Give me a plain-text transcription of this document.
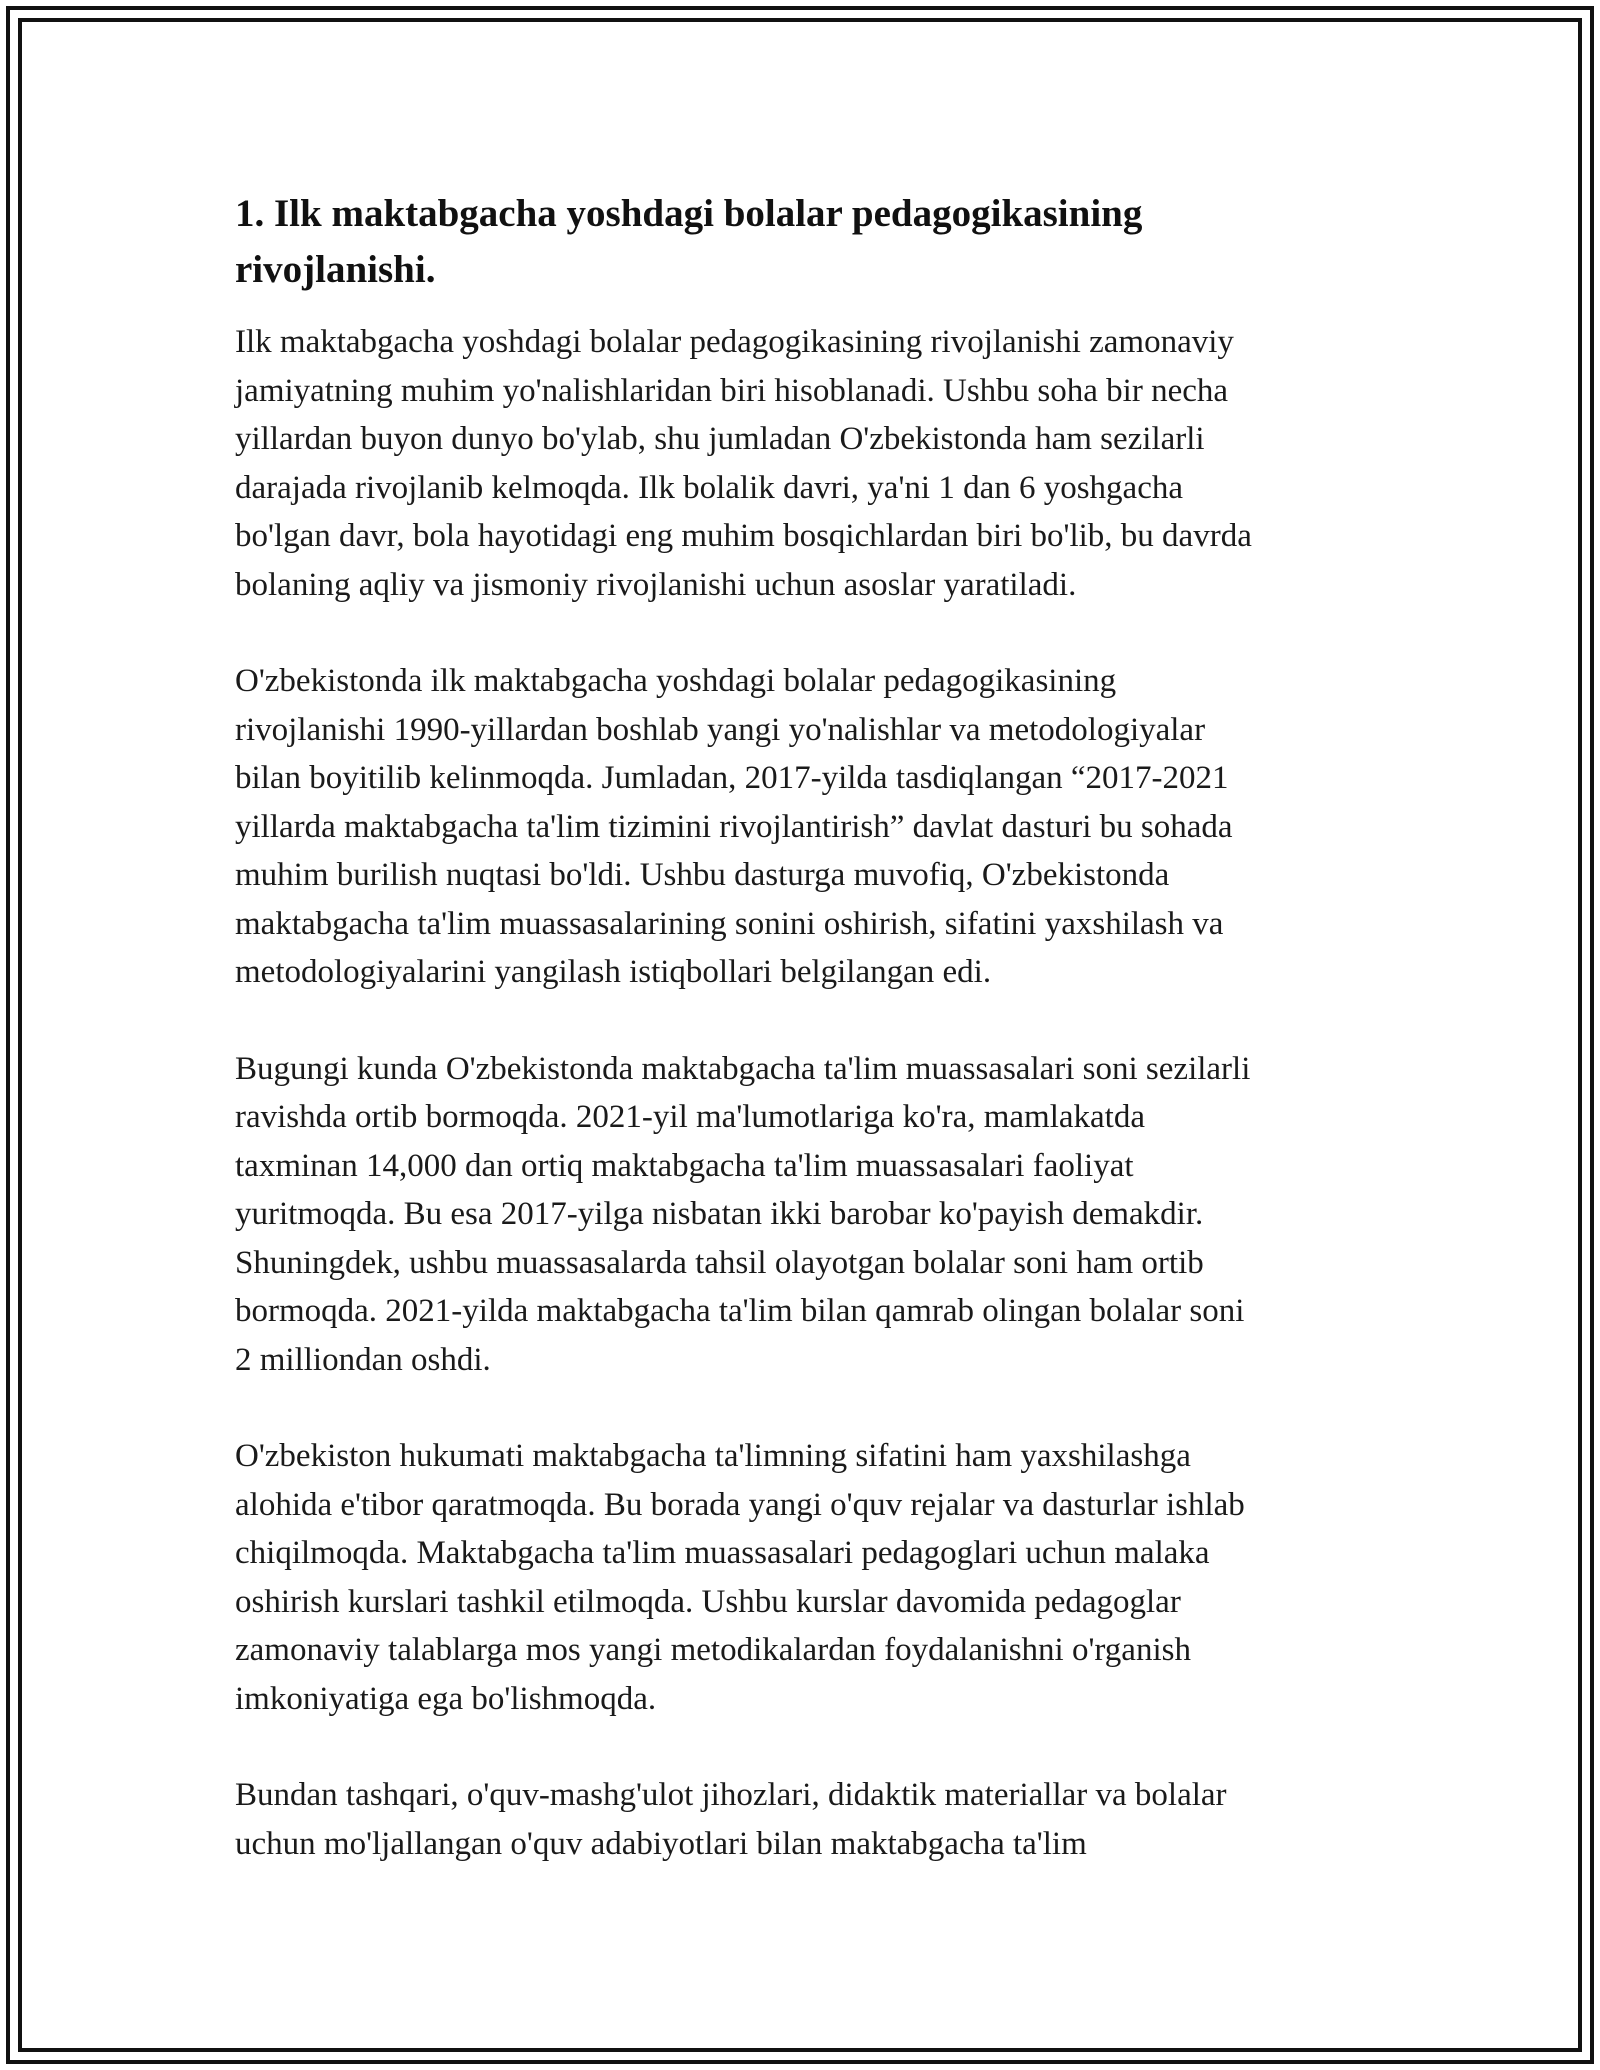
1. Ilk maktabgacha yoshdagi bolalar pedagogikasining
rivojlanishi.

Ilk maktabgacha yoshdagi bolalar pedagogikasining rivojlanishi zamonaviy
jamiyatning muhim yo'nalishlaridan biri hisoblanadi. Ushbu soha bir necha
yillardan buyon dunyo bo'ylab, shu jumladan O'zbekistonda ham sezilarli
darajada rivojlanib kelmoqda. Ilk bolalik davri, ya'ni 1 dan 6 yoshgacha
bo'lgan davr, bola hayotidagi eng muhim bosqichlardan biri bo'lib, bu davrda
bolaning aqliy va jismoniy rivojlanishi uchun asoslar yaratiladi.

O'zbekistonda ilk maktabgacha yoshdagi bolalar pedagogikasining
rivojlanishi 1990-yillardan boshlab yangi yo'nalishlar va metodologiyalar
bilan boyitilib kelinmoqda. Jumladan, 2017-yilda tasdiqlangan “2017-2021
yillarda maktabgacha ta'lim tizimini rivojlantirish” davlat dasturi bu sohada
muhim burilish nuqtasi bo'ldi. Ushbu dasturga muvofiq, O'zbekistonda
maktabgacha ta'lim muassasalarining sonini oshirish, sifatini yaxshilash va
metodologiyalarini yangilash istiqbollari belgilangan edi.

Bugungi kunda O'zbekistonda maktabgacha ta'lim muassasalari soni sezilarli
ravishda ortib bormoqda. 2021-yil ma'lumotlariga ko'ra, mamlakatda
taxminan 14,000 dan ortiq maktabgacha ta'lim muassasalari faoliyat
yuritmoqda. Bu esa 2017-yilga nisbatan ikki barobar ko'payish demakdir.
Shuningdek, ushbu muassasalarda tahsil olayotgan bolalar soni ham ortib
bormoqda. 2021-yilda maktabgacha ta'lim bilan qamrab olingan bolalar soni
2 milliondan oshdi.

O'zbekiston hukumati maktabgacha ta'limning sifatini ham yaxshilashga
alohida e'tibor qaratmoqda. Bu borada yangi o'quv rejalar va dasturlar ishlab
chiqilmoqda. Maktabgacha ta'lim muassasalari pedagoglari uchun malaka
oshirish kurslari tashkil etilmoqda. Ushbu kurslar davomida pedagoglar
zamonaviy talablarga mos yangi metodikalardan foydalanishni o'rganish
imkoniyatiga ega bo'lishmoqda.

Bundan tashqari, o'quv-mashg'ulot jihozlari, didaktik materiallar va bolalar
uchun mo'ljallangan o'quv adabiyotlari bilan maktabgacha ta'lim
